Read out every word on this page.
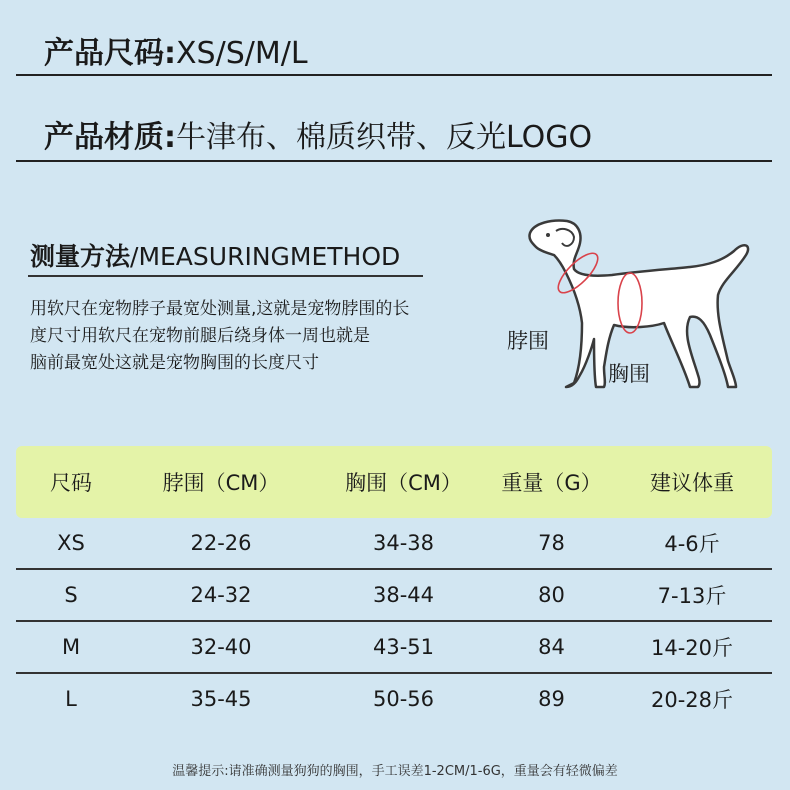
产品尺码:XS/S/M/L
产品材质:牛津布、棉质织带、反光LOGO
测量方法/MEASURINGMETHOD
用软尺在宠物脖子最宽处测量,这就是宠物脖围的长
度尺寸用软尺在宠物前腿后绕身体一周也就是
脑前最宽处这就是宠物胸围的长度尺寸
脖围
胸围
尺码	脖围（CM）	胸围（CM）	重量（G）	建议体重
XS	22-26	34-38	78	4-6斤
S	24-32	38-44	80	7-13斤
M	32-40	43-51	84	14-20斤
L	35-45	50-56	89	20-28斤
温馨提示:请准确测量狗狗的胸围，手工误差1-2CM/1-6G，重量会有轻微偏差
